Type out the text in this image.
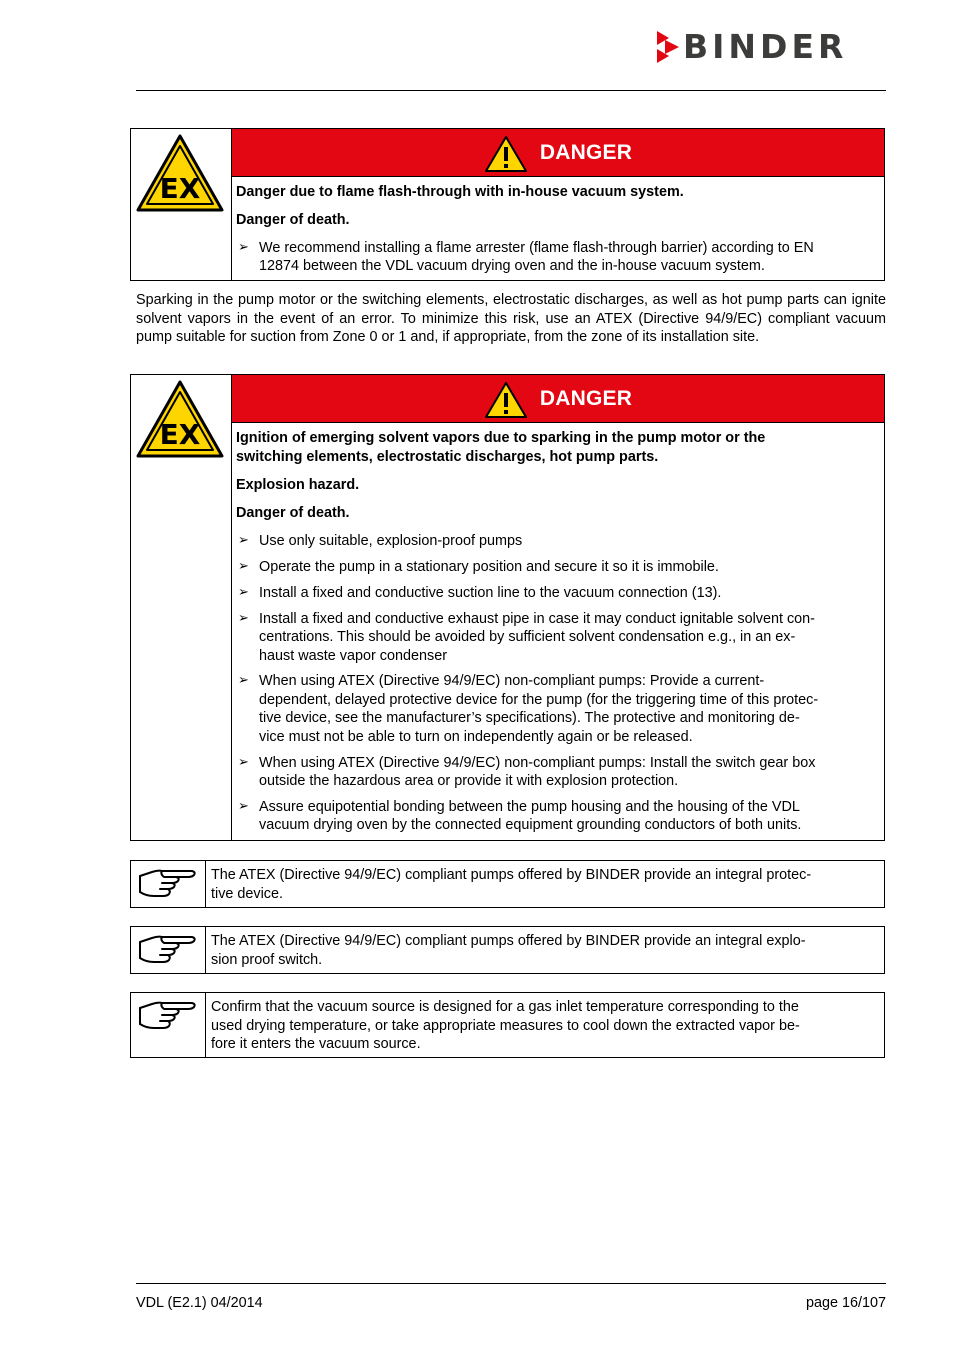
BINDER
EX
DANGER

Danger due to flame flash-through with in-house vacuum system.

Danger of death.

➢ We recommend installing a flame arrester (flame flash-through barrier) according to EN
12874 between the VDL vacuum drying oven and the in-house vacuum system.
Sparking in the pump motor or the switching elements, electrostatic discharges, as well as hot pump parts can ignite solvent vapors in the event of an error. To minimize this risk, use an ATEX (Directive 94/9/EC) compliant vacuum pump suitable for suction from Zone 0 or 1 and, if appropriate, from the zone of its installation site.
EX
DANGER

Ignition of emerging solvent vapors due to sparking in the pump motor or the
switching elements, electrostatic discharges, hot pump parts.

Explosion hazard.

Danger of death.

➢ Use only suitable, explosion-proof pumps
➢ Operate the pump in a stationary position and secure it so it is immobile.
➢ Install a fixed and conductive suction line to the vacuum connection (13).
➢ Install a fixed and conductive exhaust pipe in case it may conduct ignitable solvent con-
centrations. This should be avoided by sufficient solvent condensation e.g., in an ex-
haust waste vapor condenser
➢ When using ATEX (Directive 94/9/EC) non-compliant pumps: Provide a current-
dependent, delayed protective device for the pump (for the triggering time of this protec-
tive device, see the manufacturer’s specifications). The protective and monitoring de-
vice must not be able to turn on independently again or be released.
➢ When using ATEX (Directive 94/9/EC) non-compliant pumps: Install the switch gear box
outside the hazardous area or provide it with explosion protection.
➢ Assure equipotential bonding between the pump housing and the housing of the VDL
vacuum drying oven by the connected equipment grounding conductors of both units.
The ATEX (Directive 94/9/EC) compliant pumps offered by BINDER provide an integral protec-
tive device.
The ATEX (Directive 94/9/EC) compliant pumps offered by BINDER provide an integral explo-
sion proof switch.
Confirm that the vacuum source is designed for a gas inlet temperature corresponding to the
used drying temperature, or take appropriate measures to cool down the extracted vapor be-
fore it enters the vacuum source.
VDL (E2.1) 04/2014	page 16/107
